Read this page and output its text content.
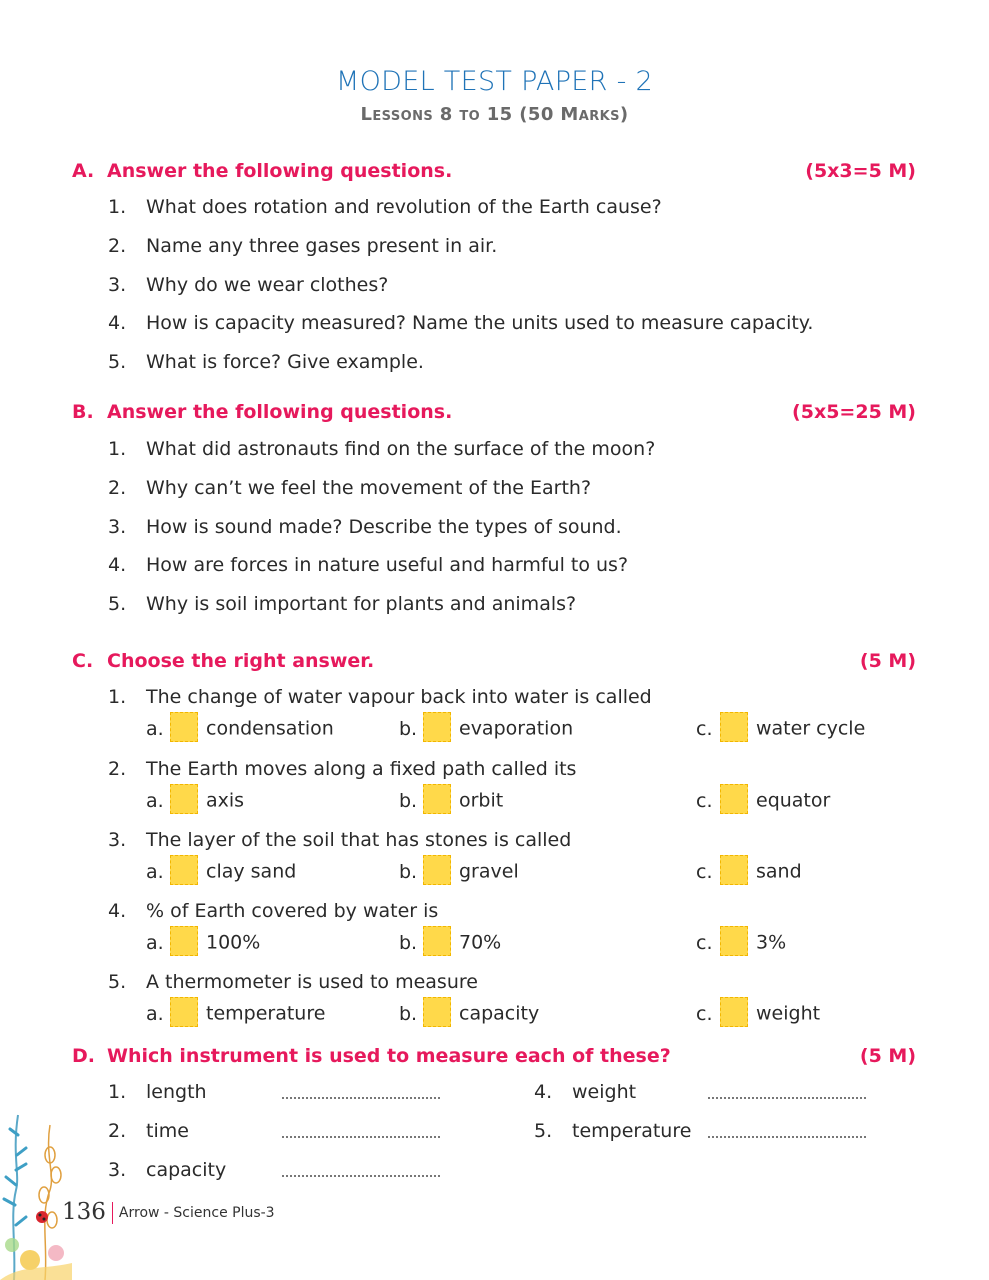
MODEL TEST PAPER - 2
Lessons 8 to 15 (50 Marks)
A. Answer the following questions.	(5x3=5 M)
1. What does rotation and revolution of the Earth cause?
2. Name any three gases present in air.
3. Why do we wear clothes?
4. How is capacity measured? Name the units used to measure capacity.
5. What is force? Give example.
B. Answer the following questions.	(5x5=25 M)
1. What did astronauts find on the surface of the moon?
2. Why can’t we feel the movement of the Earth?
3. How is sound made? Describe the types of sound.
4. How are forces in nature useful and harmful to us?
5. Why is soil important for plants and animals?
C. Choose the right answer.	(5 M)
1. The change of water vapour back into water is called
a. condensation	b. evaporation	c. water cycle
2. The Earth moves along a fixed path called its
a. axis	b. orbit	c. equator
3. The layer of the soil that has stones is called
a. clay sand	b. gravel	c. sand
4. % of Earth covered by water is
a. 100%	b. 70%	c. 3%
5. A thermometer is used to measure
a. temperature	b. capacity	c. weight
D. Which instrument is used to measure each of these?	(5 M)
1. length
2. time
3. capacity
4. weight
5. temperature
136 Arrow - Science Plus-3
